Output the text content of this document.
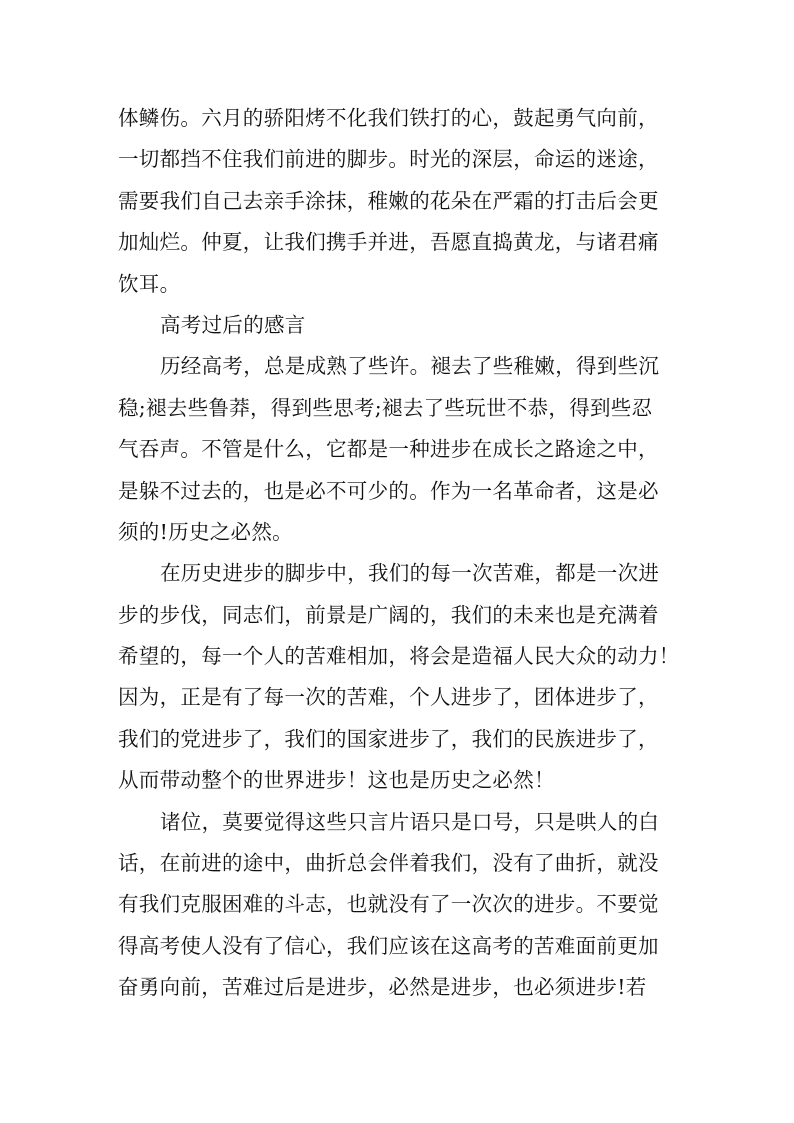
体鳞伤。六月的骄阳烤不化我们铁打的心，鼓起勇气向前，
一切都挡不住我们前进的脚步。时光的深层，命运的迷途，
需要我们自己去亲手涂抹，稚嫩的花朵在严霜的打击后会更
加灿烂。仲夏，让我们携手并进，吾愿直捣黄龙，与诸君痛
饮耳。
高考过后的感言
历经高考，总是成熟了些许。褪去了些稚嫩，得到些沉
稳;褪去些鲁莽，得到些思考;褪去了些玩世不恭，得到些忍
气吞声。不管是什么，它都是一种进步在成长之路途之中，
是躲不过去的，也是必不可少的。作为一名革命者，这是必
须的!历史之必然。
在历史进步的脚步中，我们的每一次苦难，都是一次进
步的步伐，同志们，前景是广阔的，我们的未来也是充满着
希望的，每一个人的苦难相加，将会是造福人民大众的动力！
因为，正是有了每一次的苦难，个人进步了，团体进步了，
我们的党进步了，我们的国家进步了，我们的民族进步了，
从而带动整个的世界进步！这也是历史之必然！
诸位，莫要觉得这些只言片语只是口号，只是哄人的白
话，在前进的途中，曲折总会伴着我们，没有了曲折，就没
有我们克服困难的斗志，也就没有了一次次的进步。不要觉
得高考使人没有了信心，我们应该在这高考的苦难面前更加
奋勇向前，苦难过后是进步，必然是进步，也必须进步!若
